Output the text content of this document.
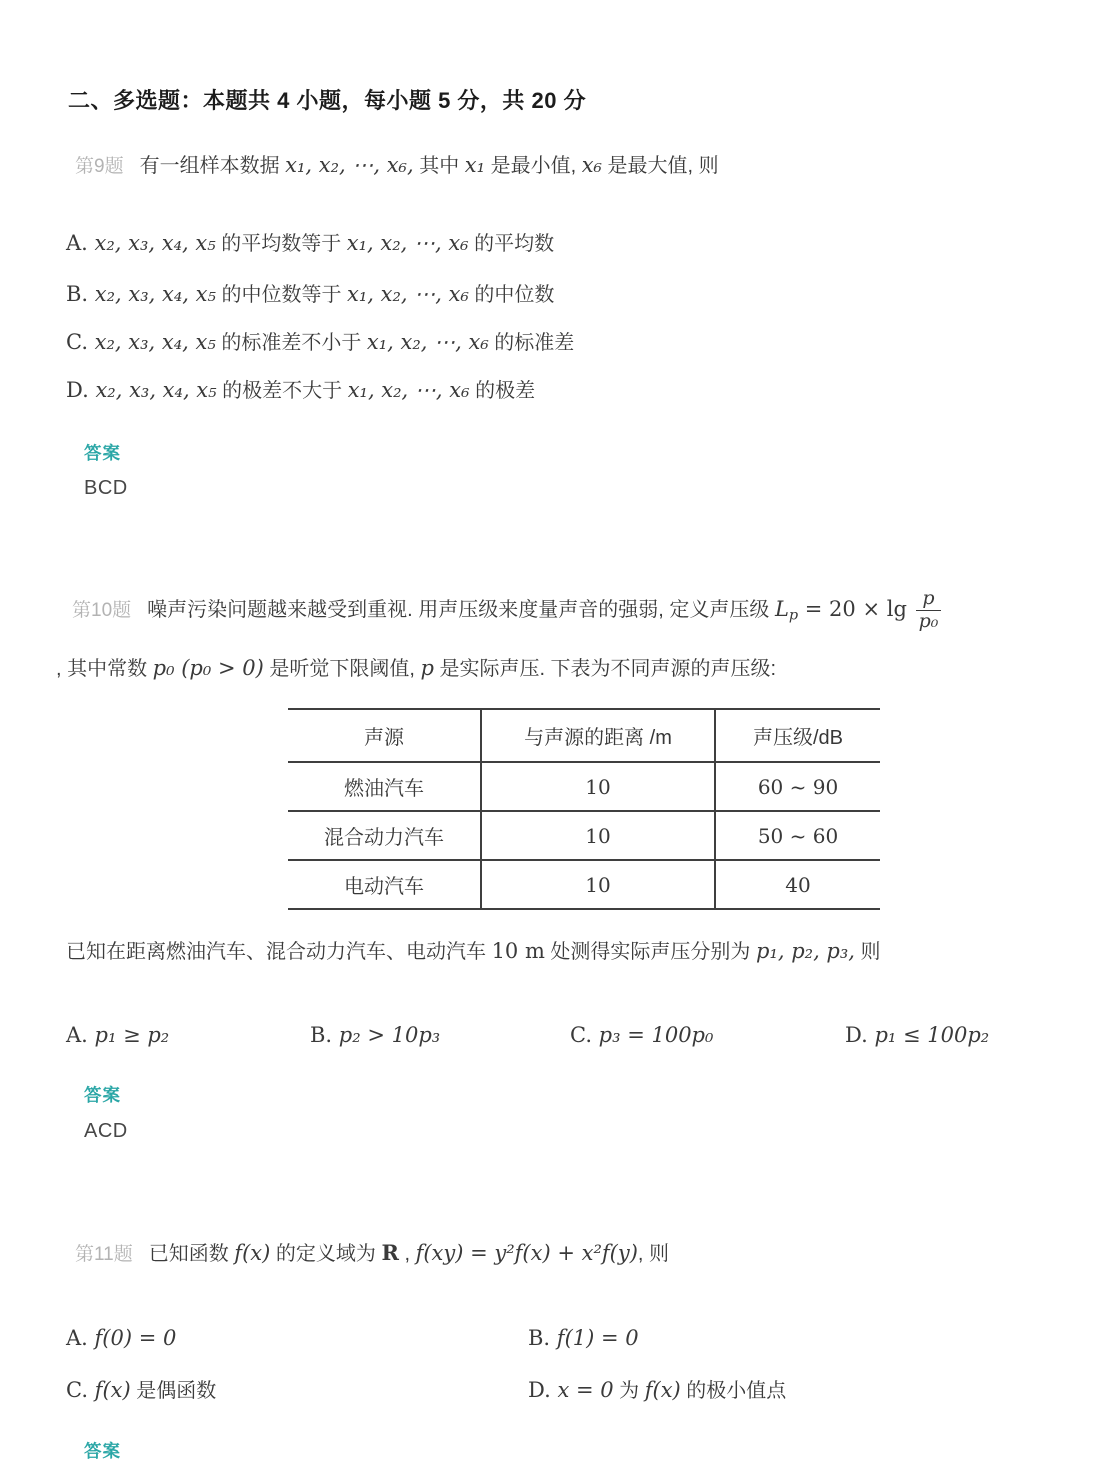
二、多选题：本题共 4 小题，每小题 5 分，共 20 分
第9题 有一组样本数据 x₁, x₂, ⋯, x₆, 其中 x₁ 是最小值, x₆ 是最大值, 则
A. x₂, x₃, x₄, x₅ 的平均数等于 x₁, x₂, ⋯, x₆ 的平均数
B. x₂, x₃, x₄, x₅ 的中位数等于 x₁, x₂, ⋯, x₆ 的中位数
C. x₂, x₃, x₄, x₅ 的标准差不小于 x₁, x₂, ⋯, x₆ 的标准差
D. x₂, x₃, x₄, x₅ 的极差不大于 x₁, x₂, ⋯, x₆ 的极差
答案
BCD
第10题 噪声污染问题越来越受到重视. 用声压级来度量声音的强弱, 定义声压级 $L_p = 20 \times \lg \frac{p}{\text{p₀}}$
, 其中常数 p₀ (p₀ > 0) 是听觉下限阈值, p 是实际声压. 下表为不同声源的声压级:
声源	与声源的距离 /m	声压级/dB
燃油汽车	10	60 ~ 90
混合动力汽车	10	50 ~ 60
电动汽车	10	40
已知在距离燃油汽车、混合动力汽车、电动汽车 10 m 处测得实际声压分别为 p₁, p₂, p₃, 则
A. p₁ ≥ p₂	B. p₂ > 10p₃	C. p₃ = 100p₀	D. p₁ ≤ 100p₂
答案
ACD
第11题 已知函数 f(x) 的定义域为 R , f(xy) = y²f(x) + x²f(y), 则
A. f(0) = 0	B. f(1) = 0
C. f(x) 是偶函数	D. x = 0 为 f(x) 的极小值点
答案
